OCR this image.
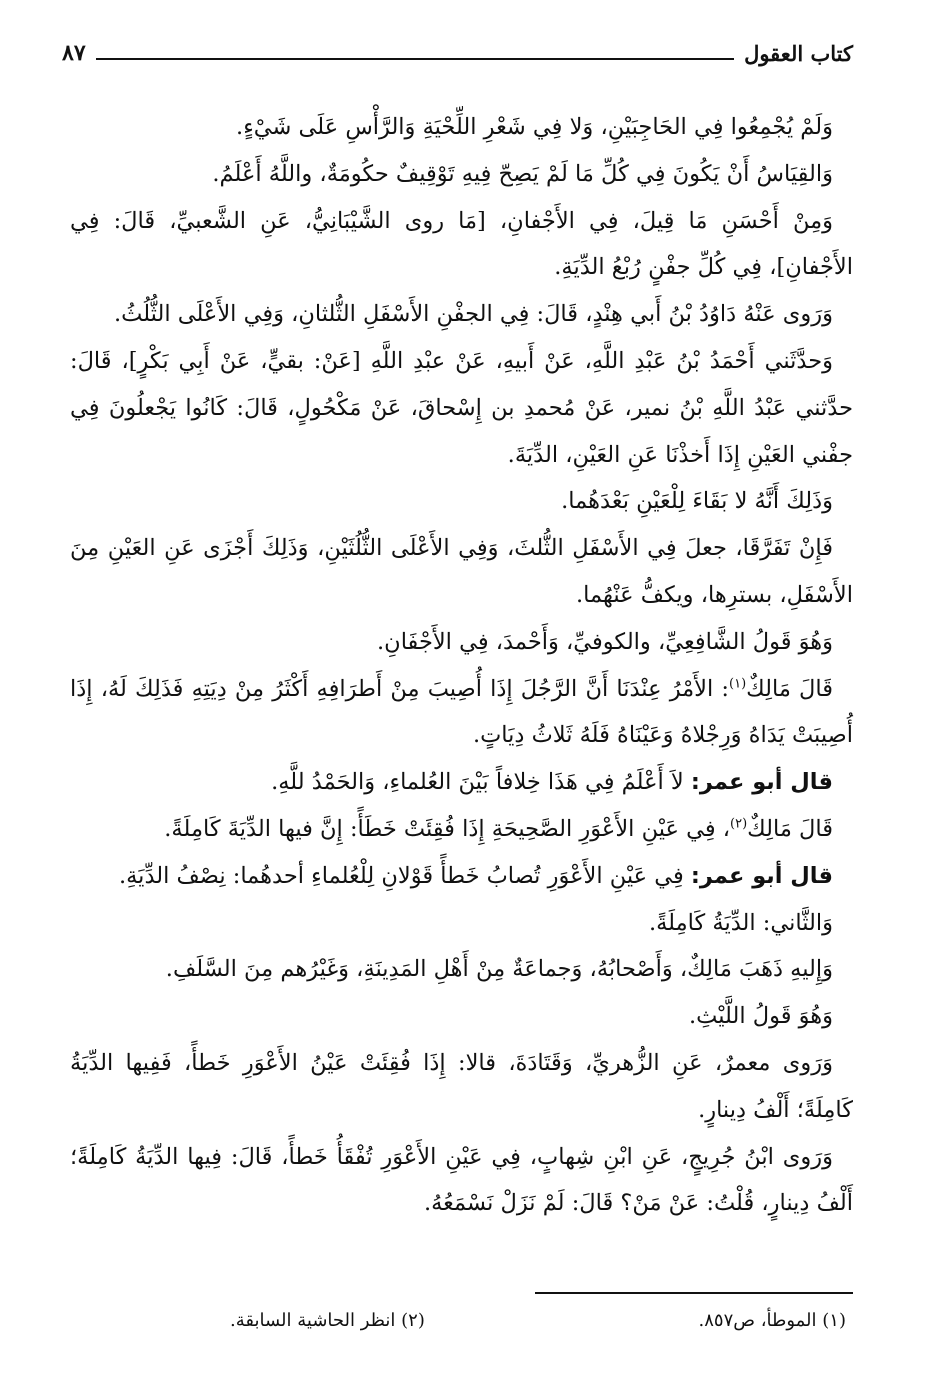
كتاب العقول
٨٧

وَلَمْ يُجْمِعُوا فِي الحَاجِبَيْنِ، وَلا فِي شَعْرِ اللِّحْيَةِ وَالرَّأْسِ عَلَى شَيْءٍ.

وَالقِيَاسُ أَنْ يَكُونَ فِي كُلِّ مَا لَمْ يَصِحّ فِيهِ تَوْقِيفٌ حكُومَةٌ، واللَّهُ أَعْلَمُ.

وَمِنْ أَحْسَنِ مَا قِيلَ، فِي الأَجْفانِ، [مَا روى الشَّيْبَانِيُّ، عَنِ الشَّعبيِّ، قَالَ: فِي الأَجْفانِ]، فِي كُلِّ جفْنٍ رُبْعُ الدِّيَةِ.

وَرَوى عَنْهُ دَاوُدُ بْنُ أَبي هِنْدٍ، قَالَ: فِي الجفْنِ الأَسْفَلِ الثُّلثانِ، وَفِي الأَعْلَى الثُّلُثُ.

وَحدَّثَني أَحْمَدُ بْنُ عَبْدِ اللَّهِ، عَنْ أَبيهِ، عَنْ عبْدِ اللَّهِ [عَنْ: بقيٍّ، عَنْ أَبِي بَكْرٍ]، قَالَ: حدَّثني عَبْدُ اللَّهِ بْنُ نمير، عَنْ مُحمدِ بن إِسْحاقَ، عَنْ مَكْحُولٍ، قَالَ: كَانُوا يَجْعلُونَ فِي جفْني العَيْنِ إِذَا أَخذْنَا عَنِ العَيْنِ، الدِّيَةَ.

وَذَلِكَ أَنَّهُ لا بَقَاءَ لِلْعَيْنِ بَعْدَهُما.

فَإِنْ تَفَرَّقَا، جعلَ فِي الأَسْفَلِ الثُّلثَ، وَفِي الأَعْلَى الثُّلُثَيْنِ، وَذَلِكَ أَجْزَى عَنِ العَيْنِ مِنَ الأَسْفَلِ، بسترِها، ويكفُّ عَنْهُما.

وَهُوَ قَولُ الشَّافِعِيِّ، والكوفيِّ، وَأَحْمدَ، فِي الأَجْفَانِ.

قَالَ مَالِكٌ$^{(١)}$: الأَمْرُ عِنْدَنَا أَنَّ الرَّجُلَ إِذَا أُصِيبَ مِنْ أَطرَافِهِ أَكْثَرُ مِنْ دِيَتِهِ فَذَلِكَ لَهُ، إِذَا أُصِيبَتْ يَدَاهُ وَرِجْلاهُ وَعَيْنَاهُ فَلَهُ ثَلاثُ دِيَاتٍ.

قال أبو عمر: لاَ أَعْلَمُ فِي هَذَا خِلافاً بَيْنَ العُلماءِ، وَالحَمْدُ للَّهِ.

قَالَ مَالِكٌ$^{(٢)}$، فِي عَيْنِ الأَعْوَرِ الصَّحِيحَةِ إِذَا فُقِئَتْ خَطَأً: إِنَّ فيها الدِّيَةَ كَامِلَةً.

قال أبو عمر: فِي عَيْنِ الأَعْوَرِ تُصابُ خَطأً قَوْلانِ لِلْعُلماءِ أحدهُما: نِصْفُ الدِّيَةِ.

وَالثَّاني: الدِّيَةُ كَامِلَةً.

وَإِليهِ ذَهَبَ مَالِكٌ، وَأَصْحابُهُ، وَجماعَةٌ مِنْ أَهْلِ المَدِينَةِ، وَغَيْرُهم مِنَ السَّلَفِ.

وَهُوَ قَولُ اللَّيْثِ.

وَرَوى معمرٌ، عَنِ الزُّهريِّ، وَقَتَادَةَ، قالا: إِذَا فُقِئَتْ عَيْنُ الأَعْوَرِ خَطأً، فَفِيها الدِّيَةُ كَامِلَةً؛ أَلْفُ دِينارٍ.

وَرَوى ابْنُ جُرِيجٍ، عَنِ ابْنِ شِهابٍ، فِي عَيْنِ الأَعْوَرِ تُفْقَأُ خَطأً، قَالَ: فِيها الدِّيَةُ كَامِلَةً؛ أَلْفُ دِينارٍ، قُلْتُ: عَنْ مَنْ؟ قَالَ: لَمْ نَزَلْ نَسْمَعُهُ.

(١) الموطأ، ص٨٥٧.
(٢) انظر الحاشية السابقة.
